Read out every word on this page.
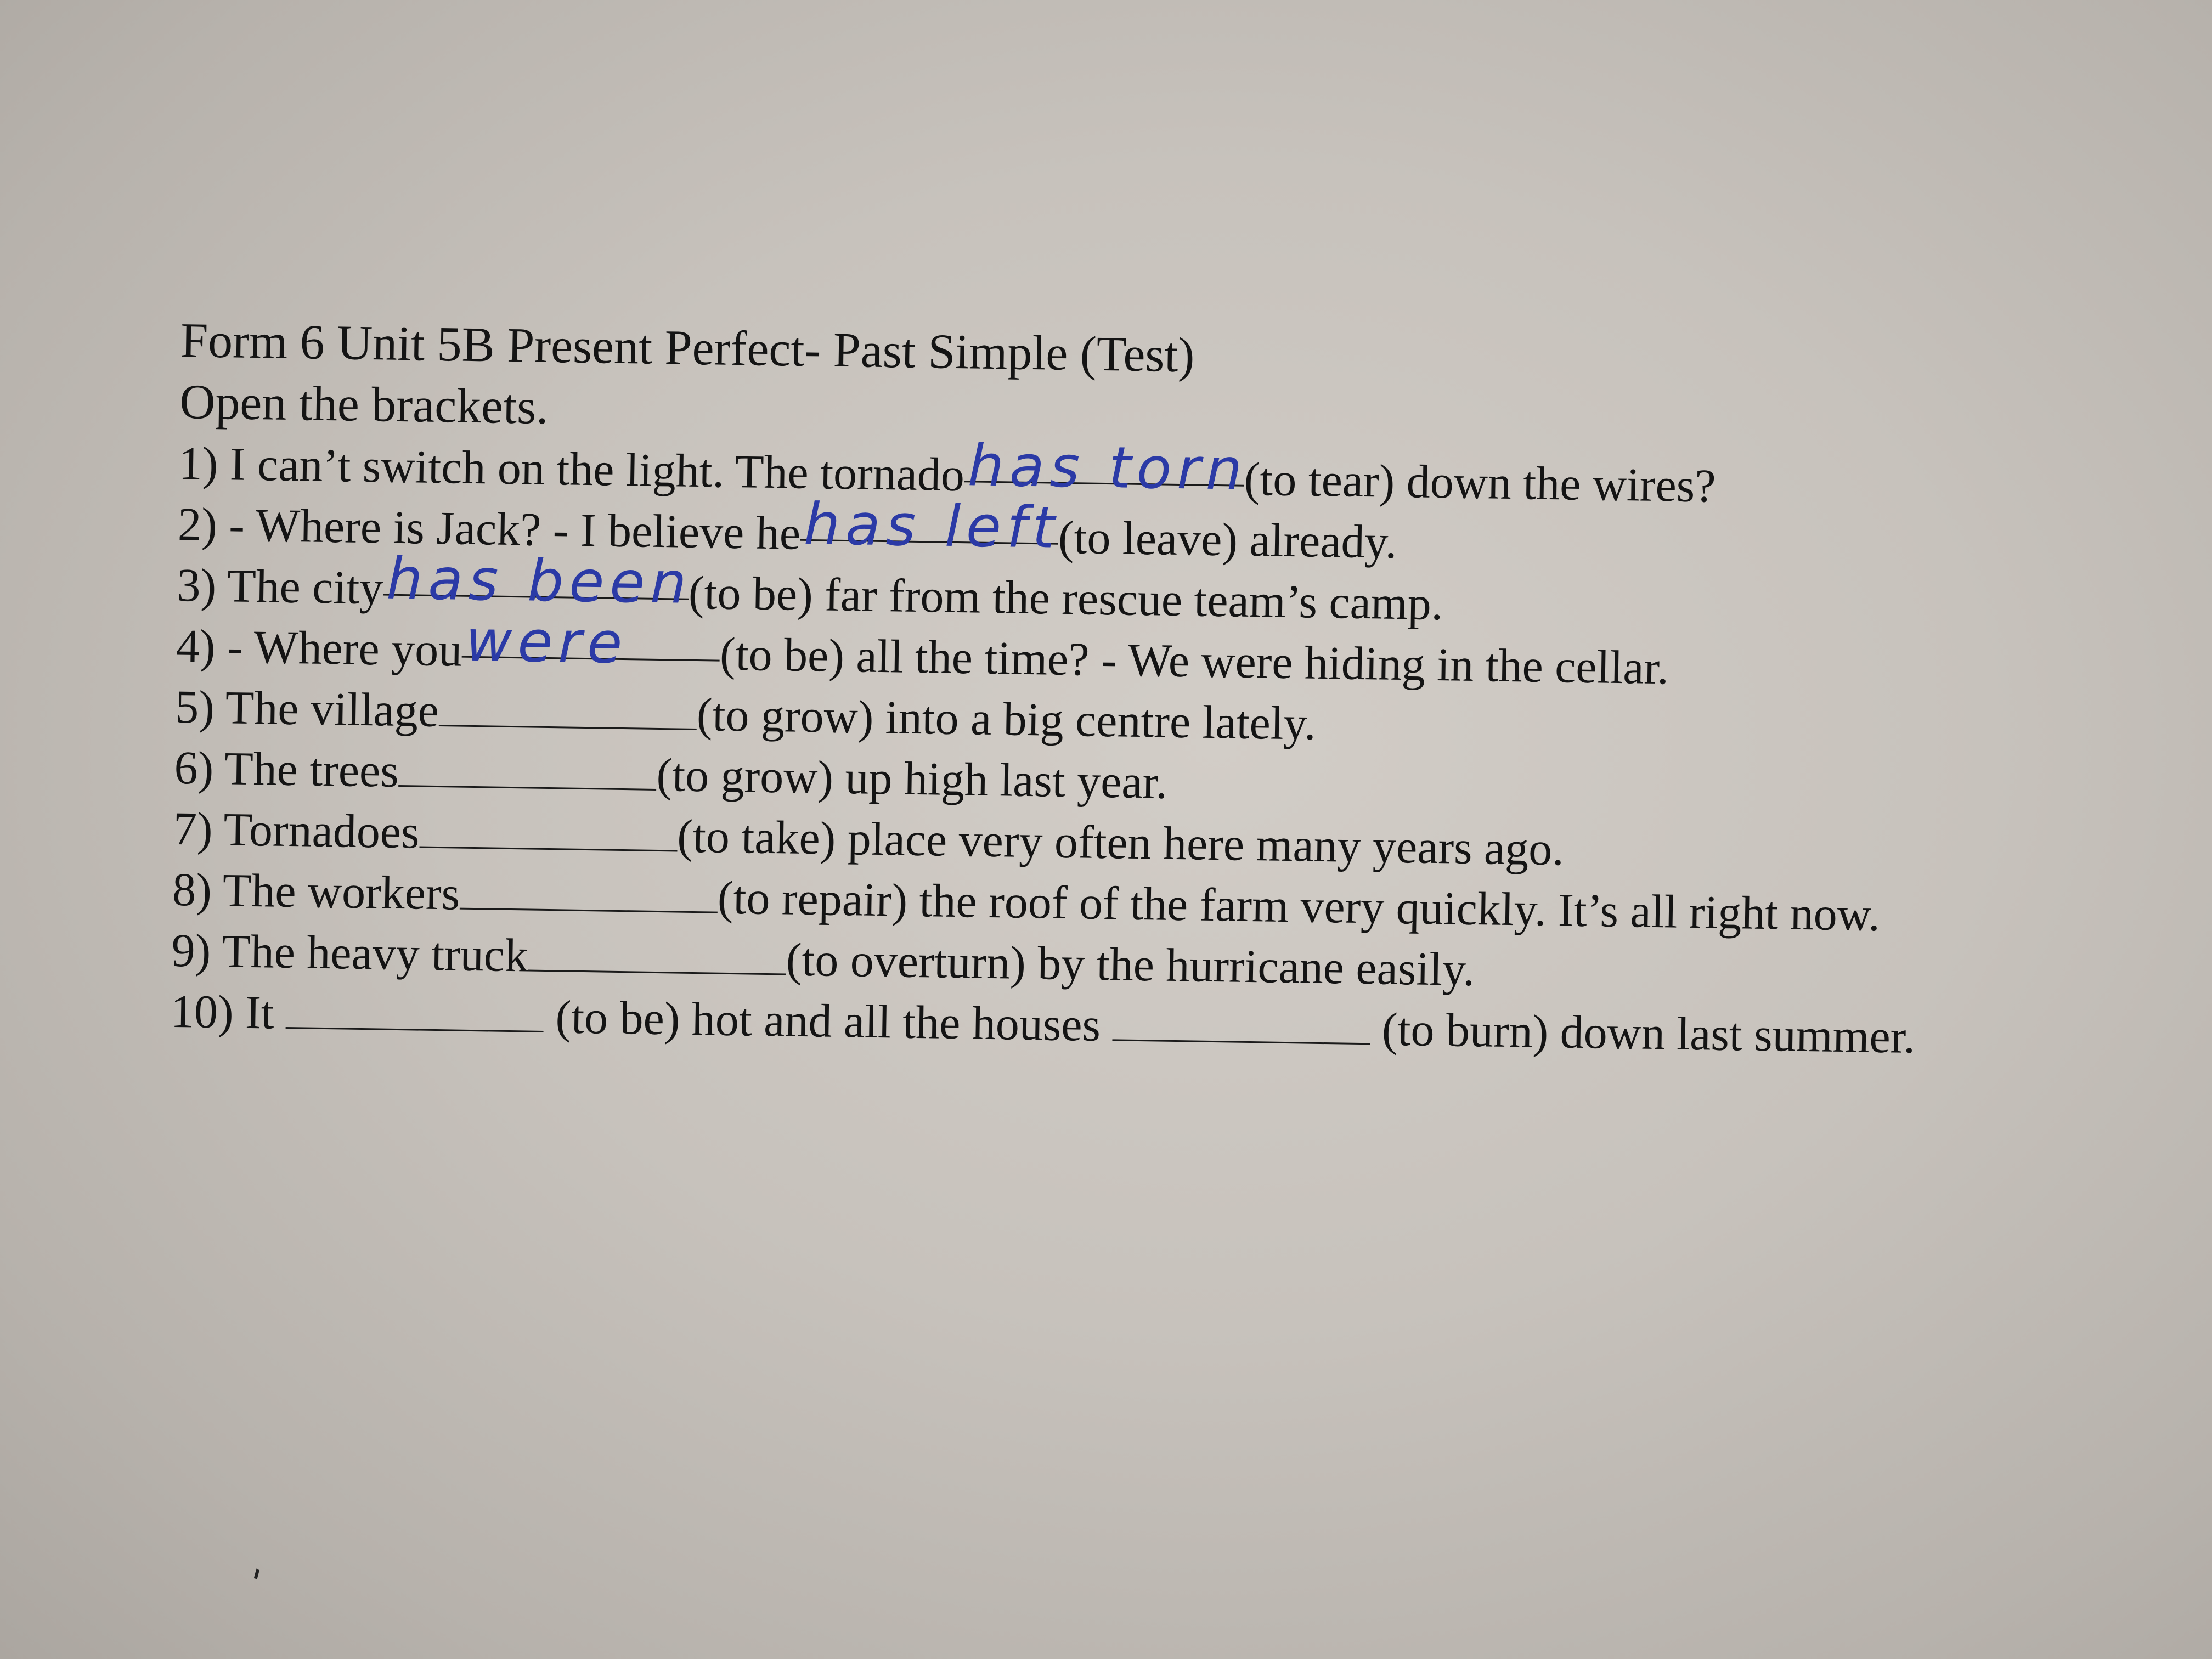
Form 6 Unit 5B Present Perfect- Past Simple (Test)
Open the brackets.
1) I can’t switch on the light. The tornadohas torn(to tear) down the wires?
2) - Where is Jack? - I believe hehas left(to leave) already.
3) The cityhas been(to be) far from the rescue team’s camp.
4) - Where youwere (to be) all the time? - We were hiding in the cellar.
5) The village	(to grow) into a big centre lately.
6) The trees	(to grow) up high last year.
7) Tornadoes	(to take) place very often here many years ago.
8) The workers	(to repair) the roof of the farm very quickly. It’s all right now.
9) The heavy truck	(to overturn) by the hurricane easily.
10) It	(to be) hot and all the houses	(to burn) down last summer.
